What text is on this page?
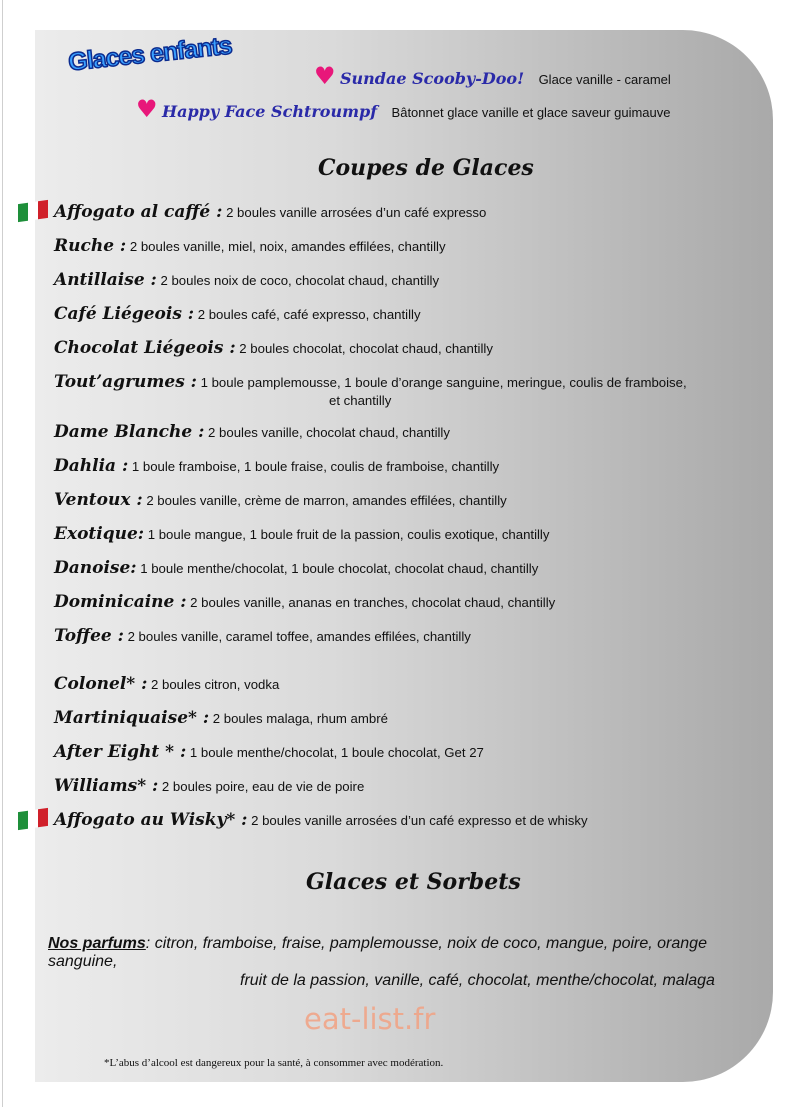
Glaces enfants	♥ Sundae Scooby-Doo! Glace vanille - caramel
♥ Happy Face Schtroumpf Bâtonnet glace vanille et glace saveur guimauve
Coupes de Glaces
Affogato al caffé : 2 boules vanille arrosées d’un café expresso
Ruche : 2 boules vanille, miel, noix, amandes effilées, chantilly
Antillaise : 2 boules noix de coco, chocolat chaud, chantilly
Café Liégeois : 2 boules café, café expresso, chantilly
Chocolat Liégeois : 2 boules chocolat, chocolat chaud, chantilly
Tout’agrumes : 1 boule pamplemousse, 1 boule d’orange sanguine, meringue, coulis de framboise,
et chantilly
Dame Blanche : 2 boules vanille, chocolat chaud, chantilly
Dahlia : 1 boule framboise, 1 boule fraise, coulis de framboise, chantilly
Ventoux : 2 boules vanille, crème de marron, amandes effilées, chantilly
Exotique: 1 boule mangue, 1 boule fruit de la passion, coulis exotique, chantilly
Danoise: 1 boule menthe/chocolat, 1 boule chocolat, chocolat chaud, chantilly
Dominicaine : 2 boules vanille, ananas en tranches, chocolat chaud, chantilly
Toffee : 2 boules vanille, caramel toffee, amandes effilées, chantilly
Colonel* : 2 boules citron, vodka
Martiniquaise* : 2 boules malaga, rhum ambré
After Eight * : 1 boule menthe/chocolat, 1 boule chocolat, Get 27
Williams* : 2 boules poire, eau de vie de poire
Affogato au Wisky* : 2 boules vanille arrosées d’un café expresso et de whisky
Glaces et Sorbets
Nos parfums: citron, framboise, fraise, pamplemousse, noix de coco, mangue, poire, orange sanguine,
fruit de la passion, vanille, café, chocolat, menthe/chocolat, malaga
eat-list.fr
*L’abus d’alcool est dangereux pour la santé, à consommer avec modération.
